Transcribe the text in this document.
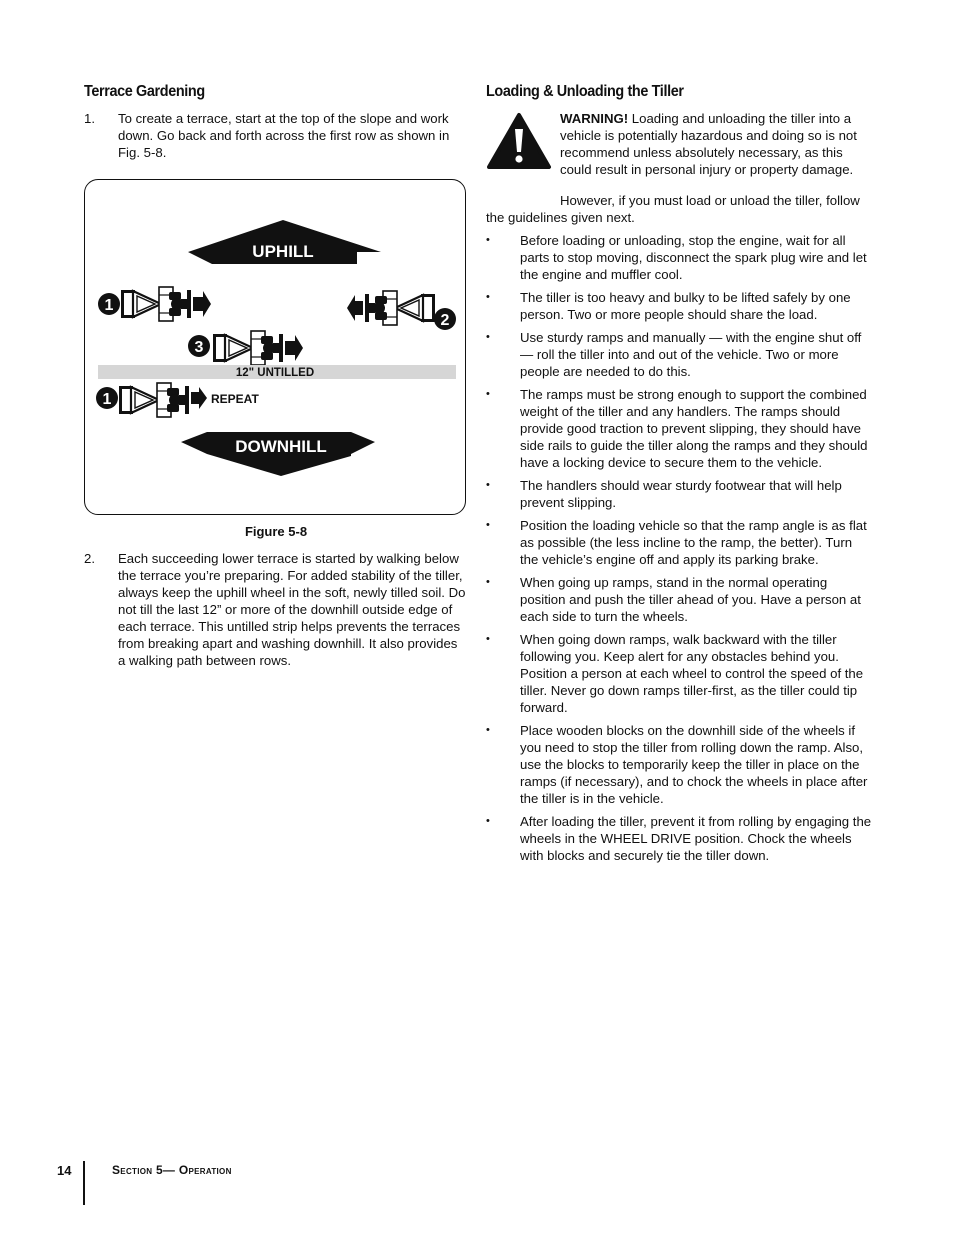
Terrace Gardening
1. To create a terrace, start at the top of the slope and work down. Go back and forth across the first row as shown in Fig. 5-8.
UPHILL
1
2
3
12" UNTILLED
1	REPEAT
DOWNHILL
Figure 5-8
2. Each succeeding lower terrace is started by walking below the terrace you’re preparing. For added stability of the tiller, always keep the uphill wheel in the soft, newly tilled soil. Do not till the last 12” or more of the downhill outside edge of each terrace. This untilled strip helps prevents the terraces from breaking apart and washing downhill. It also provides a walking path between rows.
Loading & Unloading the Tiller
WARNING! Loading and unloading the tiller into a vehicle is potentially hazardous and doing so is not recommend unless absolutely necessary, as this could result in personal injury or property damage.

However, if you must load or unload the tiller, follow the guidelines given next.

• Before loading or unloading, stop the engine, wait for all parts to stop moving, disconnect the spark plug wire and let the engine and muffler cool.
• The tiller is too heavy and bulky to be lifted safely by one person. Two or more people should share the load.
• Use sturdy ramps and manually — with the engine shut off — roll the tiller into and out of the vehicle. Two or more people are needed to do this.
• The ramps must be strong enough to support the combined weight of the tiller and any handlers. The ramps should provide good traction to prevent slipping, they should have side rails to guide the tiller along the ramps and they should have a locking device to secure them to the vehicle.
• The handlers should wear sturdy footwear that will help prevent slipping.
• Position the loading vehicle so that the ramp angle is as flat as possible (the less incline to the ramp, the better). Turn the vehicle’s engine off and apply its parking brake.
• When going up ramps, stand in the normal operating position and push the tiller ahead of you. Have a person at each side to turn the wheels.
• When going down ramps, walk backward with the tiller following you. Keep alert for any obstacles behind you. Position a person at each wheel to control the speed of the tiller. Never go down ramps tiller-first, as the tiller could tip forward.
• Place wooden blocks on the downhill side of the wheels if you need to stop the tiller from rolling down the ramp. Also, use the blocks to temporarily keep the tiller in place on the ramps (if necessary), and to chock the wheels in place after the tiller is in the vehicle.
• After loading the tiller, prevent it from rolling by engaging the wheels in the WHEEL DRIVE position. Chock the wheels with blocks and securely tie the tiller down.
14	Section 5— Operation
